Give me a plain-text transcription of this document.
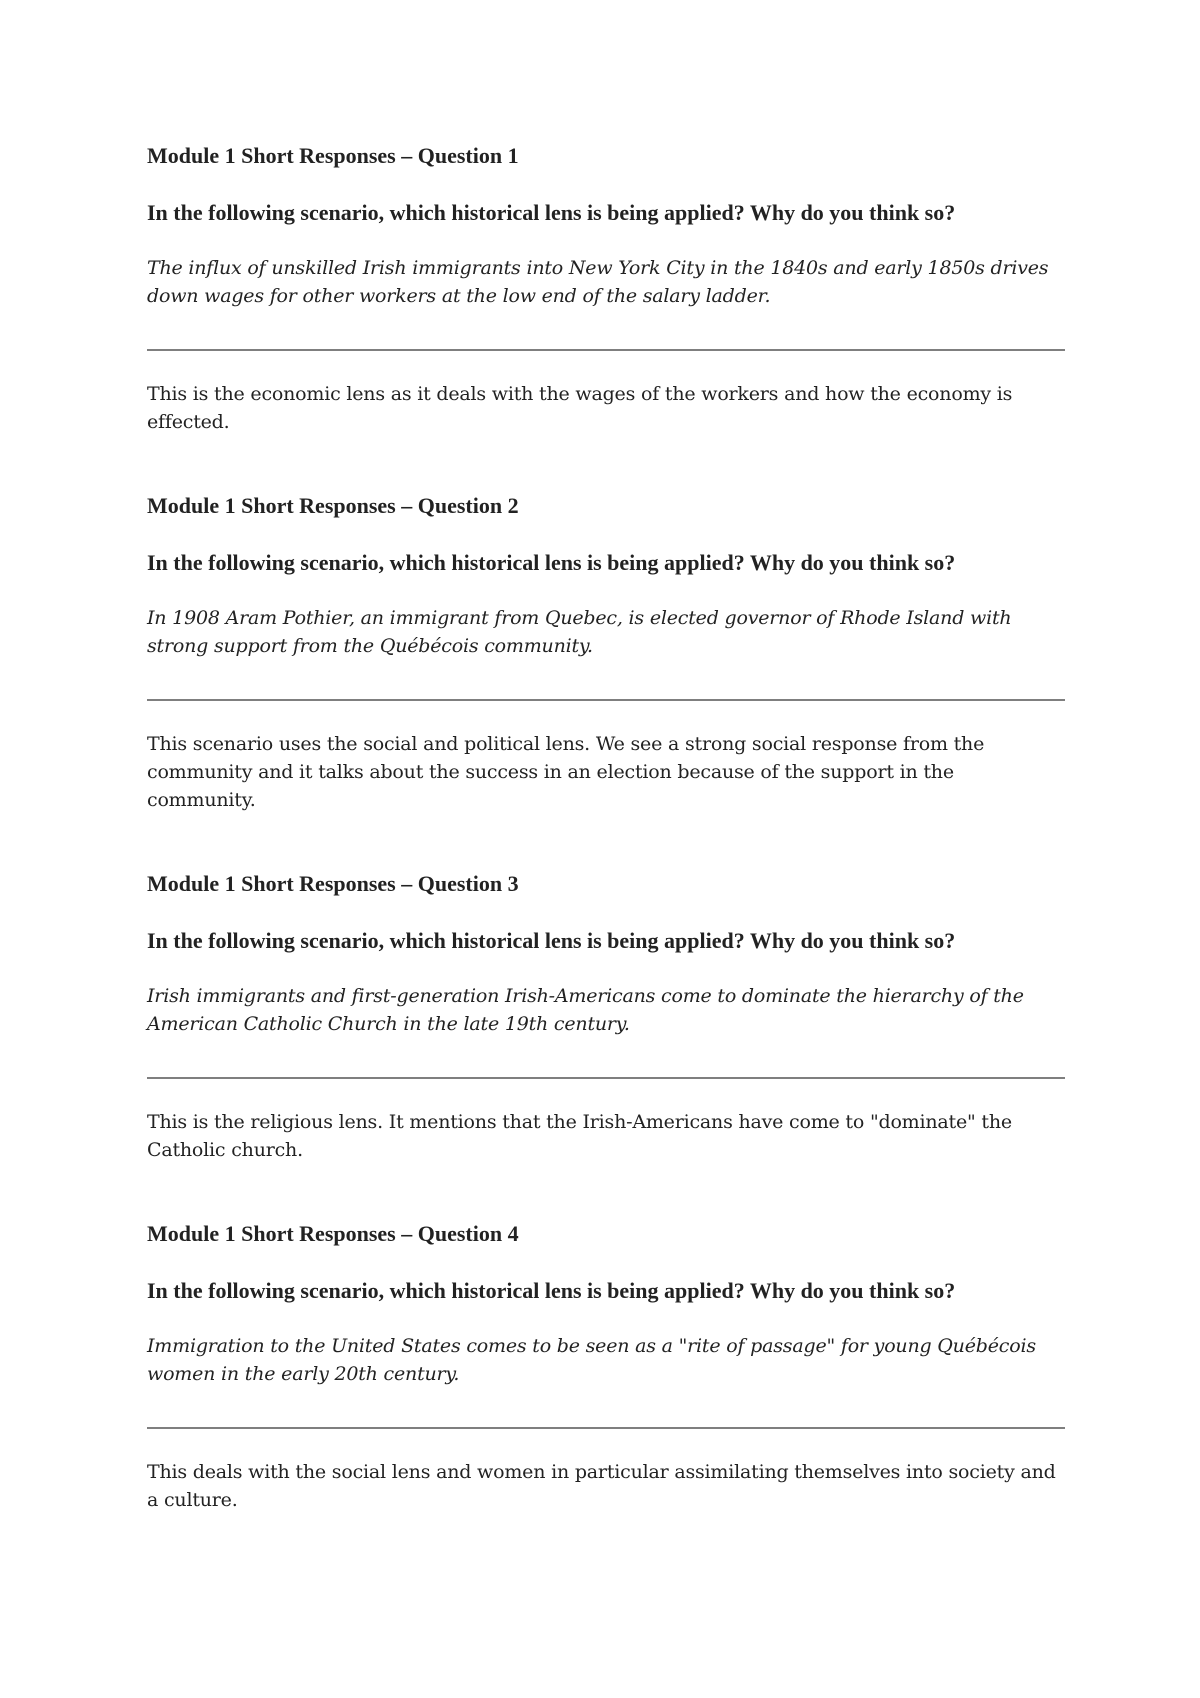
Module 1 Short Responses – Question 1

In the following scenario, which historical lens is being applied? Why do you think so?

The influx of unskilled Irish immigrants into New York City in the 1840s and early 1850s drives down wages for other workers at the low end of the salary ladder.

This is the economic lens as it deals with the wages of the workers and how the economy is effected.

Module 1 Short Responses – Question 2

In the following scenario, which historical lens is being applied? Why do you think so?

In 1908 Aram Pothier, an immigrant from Quebec, is elected governor of Rhode Island with strong support from the Québécois community.

This scenario uses the social and political lens. We see a strong social response from the community and it talks about the success in an election because of the support in the community.

Module 1 Short Responses – Question 3

In the following scenario, which historical lens is being applied? Why do you think so?

Irish immigrants and first-generation Irish-Americans come to dominate the hierarchy of the American Catholic Church in the late 19th century.

This is the religious lens. It mentions that the Irish-Americans have come to "dominate" the Catholic church.

Module 1 Short Responses – Question 4

In the following scenario, which historical lens is being applied? Why do you think so?

Immigration to the United States comes to be seen as a "rite of passage" for young Québécois women in the early 20th century.

This deals with the social lens and women in particular assimilating themselves into society and a culture.
